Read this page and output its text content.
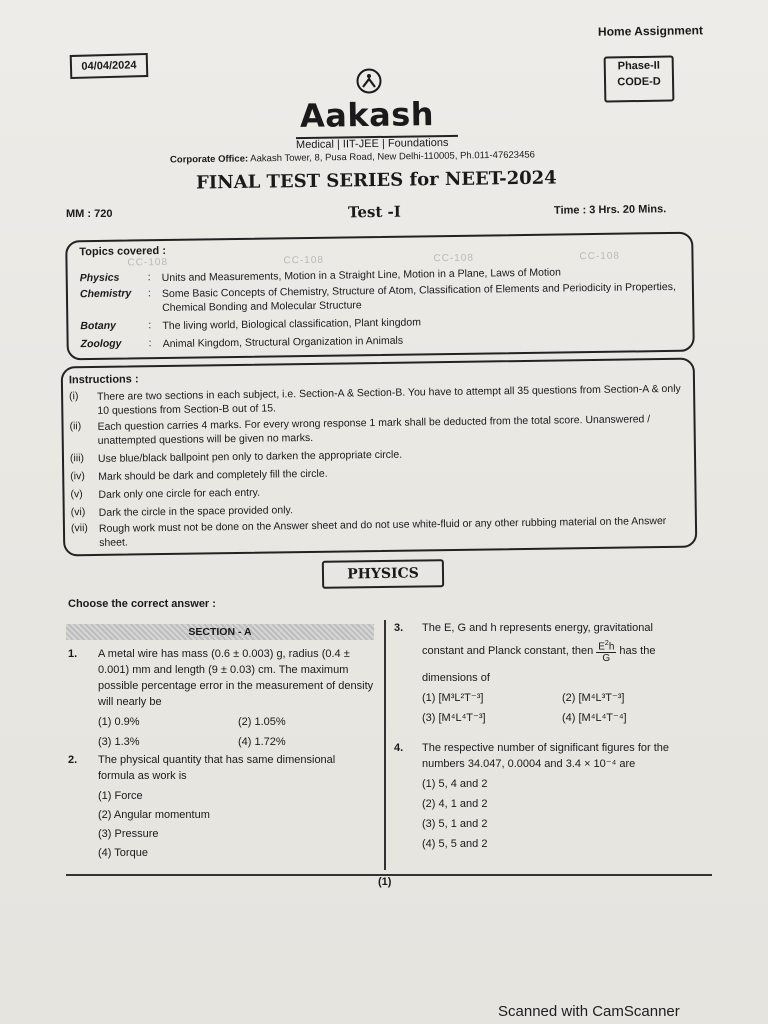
Home Assignment
04/04/2024	Phase-II
CODE-D
Aakash
Medical | IIT-JEE | Foundations
Corporate Office: Aakash Tower, 8, Pusa Road, New Delhi-110005, Ph.011-47623456
FINAL TEST SERIES for NEET-2024
MM : 720	Test -I	Time : 3 Hrs. 20 Mins.
Topics covered :
CC-108	CC-108	CC-108	CC-108
Physics	:	Units and Measurements, Motion in a Straight Line, Motion in a Plane, Laws of Motion
Chemistry	:	Some Basic Concepts of Chemistry, Structure of Atom, Classification of Elements and Periodicity in Properties, Chemical Bonding and Molecular Structure
Botany	:	The living world, Biological classification, Plant kingdom
Zoology	:	Animal Kingdom, Structural Organization in Animals
Instructions :
(i)	There are two sections in each subject, i.e. Section-A & Section-B. You have to attempt all 35 questions from Section-A & only 10 questions from Section-B out of 15.
(ii)	Each question carries 4 marks. For every wrong response 1 mark shall be deducted from the total score. Unanswered / unattempted questions will be given no marks.
(iii)	Use blue/black ballpoint pen only to darken the appropriate circle.
(iv)	Mark should be dark and completely fill the circle.
(v)	Dark only one circle for each entry.
(vi)	Dark the circle in the space provided only.
(vii)	Rough work must not be done on the Answer sheet and do not use white-fluid or any other rubbing material on the Answer sheet.
PHYSICS
Choose the correct answer :
SECTION - A
1.	A metal wire has mass (0.6 ± 0.003) g, radius (0.4 ± 0.001) mm and length (9 ± 0.03) cm. The maximum possible percentage error in the measurement of density will nearly be
(1) 0.9%	(2) 1.05%
(3) 1.3%	(4) 1.72%
2.	The physical quantity that has same dimensional formula as work is
(1) Force
(2) Angular momentum
(3) Pressure
(4) Torque
3.	The E, G and h represents energy, gravitational
constant and Planck constant, then $\frac{E^2h}{G}$ has the
dimensions of
(1) [M³L²T⁻³]	(2) [M⁴L³T⁻³]
(3) [M⁴L⁴T⁻³]	(4) [M⁴L⁴T⁻⁴]
4.	The respective number of significant figures for the numbers 34.047, 0.0004 and 3.4 × 10⁻⁴ are
(1) 5, 4 and 2
(2) 4, 1 and 2
(3) 5, 1 and 2
(4) 5, 5 and 2
(1)
Scanned with CamScanner
